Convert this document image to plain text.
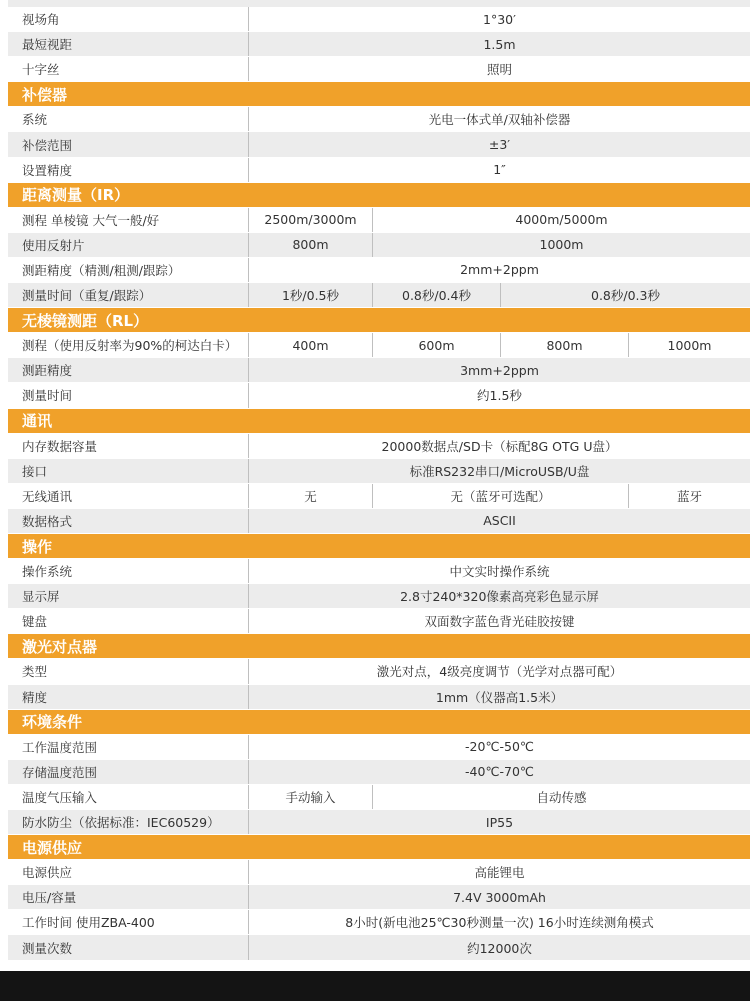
视场角	1°30′
最短视距	1.5m
十字丝	照明
补偿器
系统	光电一体式单/双轴补偿器
补偿范围	±3′
设置精度	1″
距离测量（IR）
测程 单棱镜 大气一般/好	2500m/3000m	4000m/5000m
使用反射片	800m	1000m
测距精度（精测/粗测/跟踪）	2mm+2ppm
测量时间（重复/跟踪）	1秒/0.5秒	0.8秒/0.4秒	0.8秒/0.3秒
无棱镜测距（RL）
测程（使用反射率为90%的柯达白卡）	400m	600m	800m	1000m
测距精度	3mm+2ppm
测量时间	约1.5秒
通讯
内存数据容量	20000数据点/SD卡（标配8G OTG U盘）
接口	标准RS232串口/MicroUSB/U盘
无线通讯	无	无（蓝牙可选配）	蓝牙
数据格式	ASCII
操作
操作系统	中文实时操作系统
显示屏	2.8寸240*320像素高亮彩色显示屏
键盘	双面数字蓝色背光硅胶按键
激光对点器
类型	激光对点，4级亮度调节（光学对点器可配）
精度	1mm（仪器高1.5米）
环境条件
工作温度范围	-20℃-50℃
存储温度范围	-40℃-70℃
温度气压输入	手动输入	自动传感
防水防尘（依据标准：IEC60529）	IP55
电源供应
电源供应	高能锂电
电压/容量	7.4V 3000mAh
工作时间 使用ZBA-400	8小时(新电池25℃30秒测量一次) 16小时连续测角模式
测量次数	约12000次
